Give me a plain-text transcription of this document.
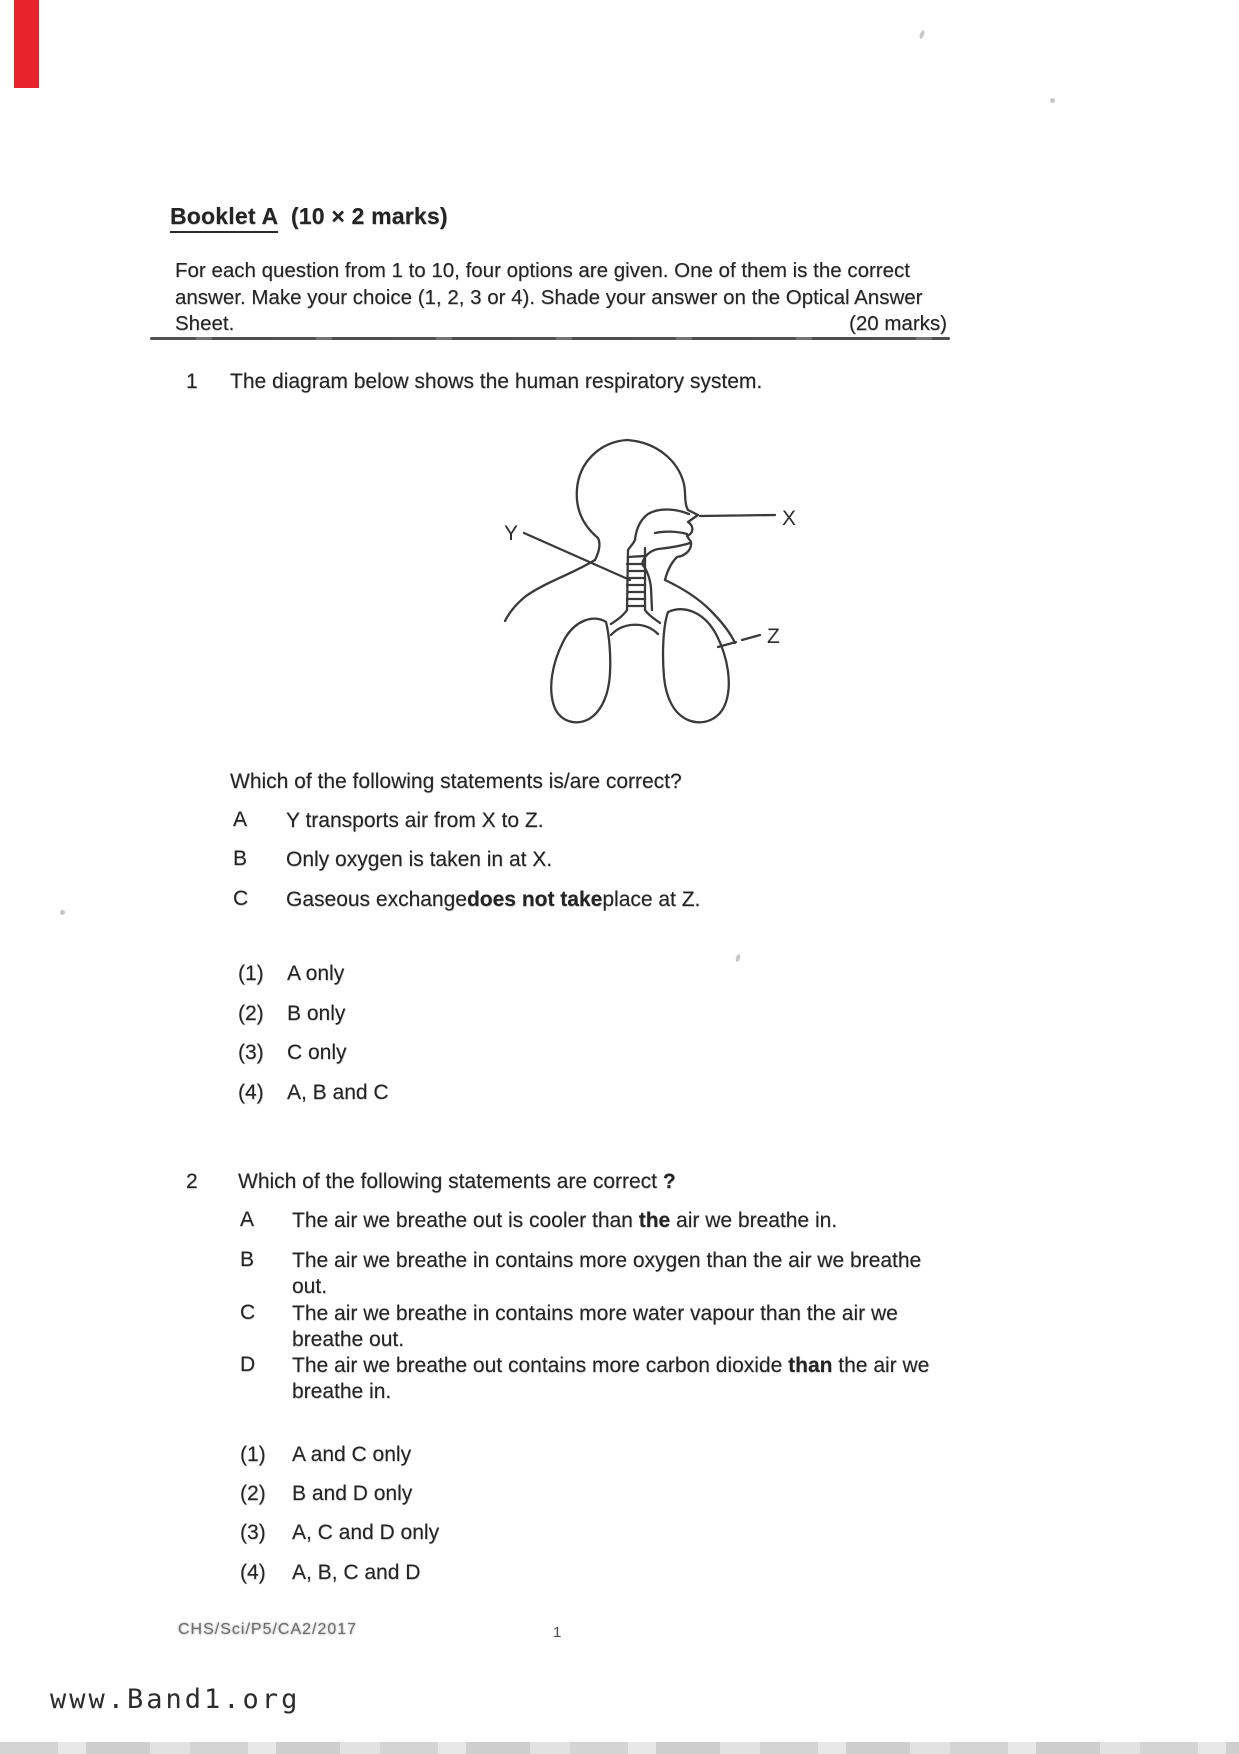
Booklet A (10 × 2 marks)
For each question from 1 to 10, four options are given. One of them is the correct
answer. Make your choice (1, 2, 3 or 4). Shade your answer on the Optical Answer
Sheet.	(20 marks)
1 The diagram below shows the human respiratory system.
X
Y
Z
Which of the following statements is/are correct?
A Y transports air from X to Z.
B Only oxygen is taken in at X.
C Gaseous exchangedoes not takeplace at Z.
(1) A only
(2) B only
(3) C only
(4) A, B and C
2 Which of the following statements are correct ?
A The air we breathe out is cooler than the air we breathe in.
B The air we breathe in contains more oxygen than the air we breathe out.
C The air we breathe in contains more water vapour than the air we breathe out.
D The air we breathe out contains more carbon dioxide than the air we breathe in.
(1) A and C only
(2) B and D only
(3) A, C and D only
(4) A, B, C and D
CHS/Sci/P5/CA2/2017	1
www.Band1.org
